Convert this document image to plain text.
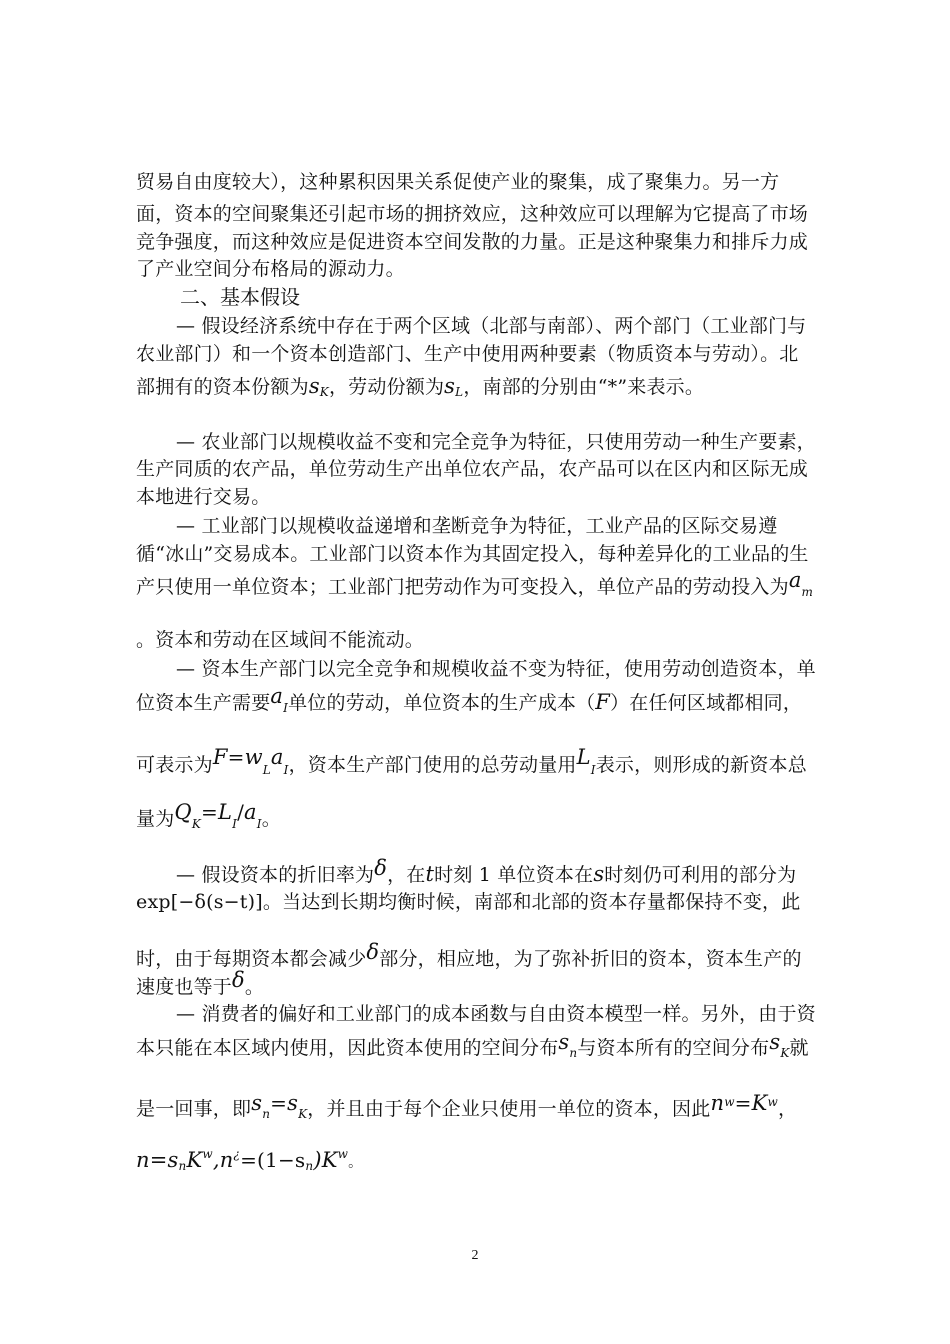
贸易自由度较大），这种累积因果关系促使产业的聚集，成了聚集力。另一方
面，资本的空间聚集还引起市场的拥挤效应，这种效应可以理解为它提高了市场
竞争强度，而这种效应是促进资本空间发散的力量。正是这种聚集力和排斥力成
了产业空间分布格局的源动力。
二、基本假设
— 假设经济系统中存在于两个区域（北部与南部）、两个部门（工业部门与
农业部门）和一个资本创造部门、生产中使用两种要素（物质资本与劳动）。北
部拥有的资本份额为sK，劳动份额为sL，南部的分别由“*”来表示。
— 农业部门以规模收益不变和完全竞争为特征，只使用劳动一种生产要素，
生产同质的农产品，单位劳动生产出单位农产品，农产品可以在区内和区际无成
本地进行交易。
— 工业部门以规模收益递增和垄断竞争为特征，工业产品的区际交易遵
循“冰山”交易成本。工业部门以资本作为其固定投入，每种差异化的工业品的生
产只使用一单位资本；工业部门把劳动作为可变投入，单位产品的劳动投入为am
。资本和劳动在区域间不能流动。
— 资本生产部门以完全竞争和规模收益不变为特征，使用劳动创造资本，单
位资本生产需要aI单位的劳动，单位资本的生产成本（F）在任何区域都相同，
可表示为F=wLaI，资本生产部门使用的总劳动量用LI表示，则形成的新资本总
量为QK=LI/aI。
— 假设资本的折旧率为δ，在t时刻 1 单位资本在s时刻仍可利用的部分为
exp[−δ(s−t)]。当达到长期均衡时候，南部和北部的资本存量都保持不变，此
时，由于每期资本都会减少δ部分，相应地，为了弥补折旧的资本，资本生产的
速度也等于δ。
— 消费者的偏好和工业部门的成本函数与自由资本模型一样。另外，由于资
本只能在本区域内使用，因此资本使用的空间分布sn与资本所有的空间分布sK就
是一回事，即sn=sK，并且由于每个企业只使用一单位的资本，因此$n^w=K^w$，
$n=snK^w,n^¿=(1-sn)K^w$。
2
